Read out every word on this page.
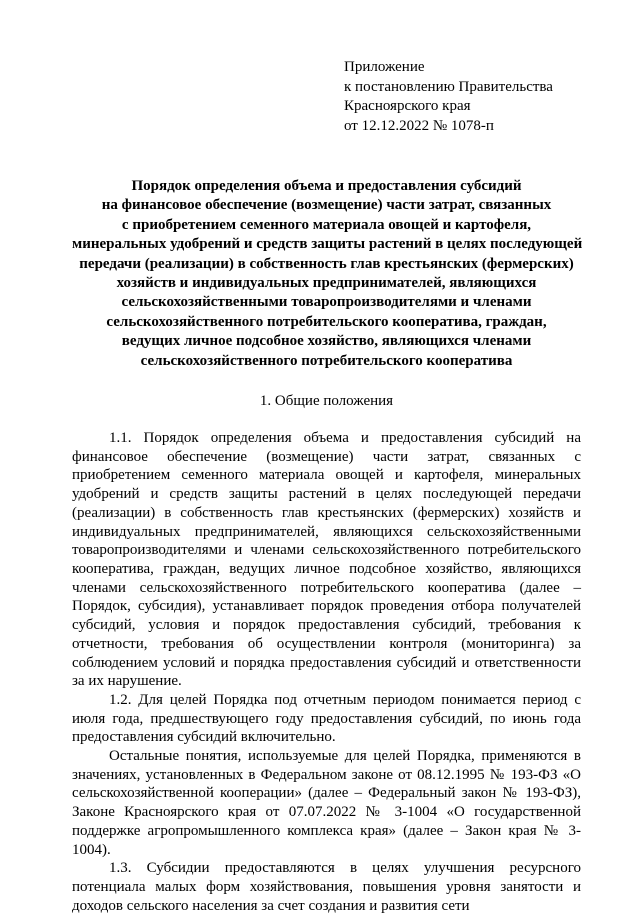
Приложение
к постановлению Правительства
Красноярского края
от 12.12.2022 № 1078-п
Порядок определения объема и предоставления субсидий
на финансовое обеспечение (возмещение) части затрат, связанных
с приобретением семенного материала овощей и картофеля,
минеральных удобрений и средств защиты растений в целях последующей
передачи (реализации) в собственность глав крестьянских (фермерских)
хозяйств и индивидуальных предпринимателей, являющихся
сельскохозяйственными товаропроизводителями и членами
сельскохозяйственного потребительского кооператива, граждан,
ведущих личное подсобное хозяйство, являющихся членами
сельскохозяйственного потребительского кооператива
1. Общие положения

1.1. Порядок определения объема и предоставления субсидий на финансовое обеспечение (возмещение) части затрат, связанных с приобретением семенного материала овощей и картофеля, минеральных удобрений и средств защиты растений в целях последующей передачи (реализации) в собственность глав крестьянских (фермерских) хозяйств и индивидуальных предпринимателей, являющихся сельскохозяйственными товаропроизводителями и членами сельскохозяйственного потребительского кооператива, граждан, ведущих личное подсобное хозяйство, являющихся членами сельскохозяйственного потребительского кооператива (далее – Порядок, субсидия), устанавливает порядок проведения отбора получателей субсидий, условия и порядок предоставления субсидий, требования к отчетности, требования об осуществлении контроля (мониторинга) за соблюдением условий и порядка предоставления субсидий и ответственности за их нарушение.

1.2. Для целей Порядка под отчетным периодом понимается период с июля года, предшествующего году предоставления субсидий, по июнь года предоставления субсидий включительно.

Остальные понятия, используемые для целей Порядка, применяются в значениях, установленных в Федеральном законе от 08.12.1995 № 193-ФЗ «О сельскохозяйственной кооперации» (далее – Федеральный закон № 193-ФЗ), Законе Красноярского края от 07.07.2022 № 3-1004 «О государственной поддержке агропромышленного комплекса края» (далее – Закон края № 3-1004).

1.3. Субсидии предоставляются в целях улучшения ресурсного потенциала малых форм хозяйствования, повышения уровня занятости и доходов сельского населения за счет создания и развития сети
